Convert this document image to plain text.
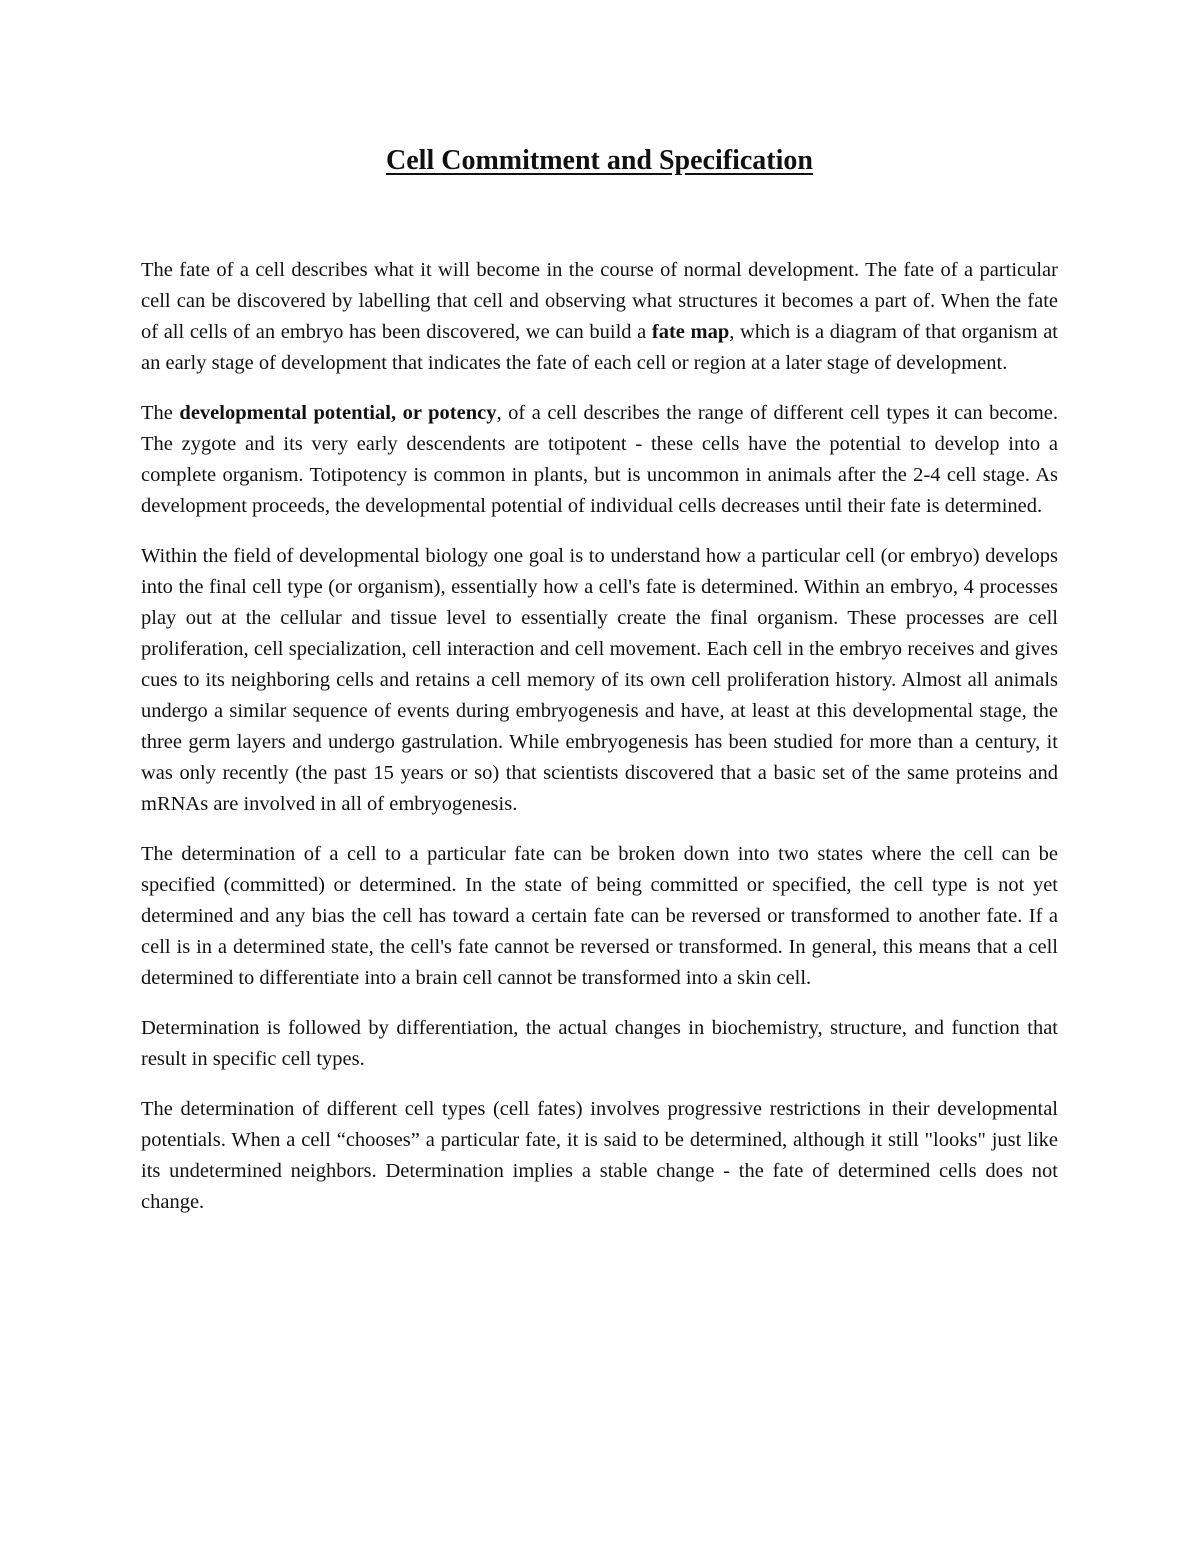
Cell Commitment and Specification

The fate of a cell describes what it will become in the course of normal development. The fate of a particular cell can be discovered by labelling that cell and observing what structures it becomes a part of. When the fate of all cells of an embryo has been discovered, we can build a fate map, which is a diagram of that organism at an early stage of development that indicates the fate of each cell or region at a later stage of development.

The developmental potential, or potency, of a cell describes the range of different cell types it can become. The zygote and its very early descendents are totipotent - these cells have the potential to develop into a complete organism. Totipotency is common in plants, but is uncommon in animals after the 2-4 cell stage. As development proceeds, the developmental potential of individual cells decreases until their fate is determined.

Within the field of developmental biology one goal is to understand how a particular cell (or embryo) develops into the final cell type (or organism), essentially how a cell's fate is determined. Within an embryo, 4 processes play out at the cellular and tissue level to essentially create the final organism. These processes are cell proliferation, cell specialization, cell interaction and cell movement. Each cell in the embryo receives and gives cues to its neighboring cells and retains a cell memory of its own cell proliferation history. Almost all animals undergo a similar sequence of events during embryogenesis and have, at least at this developmental stage, the three germ layers and undergo gastrulation. While embryogenesis has been studied for more than a century, it was only recently (the past 15 years or so) that scientists discovered that a basic set of the same proteins and mRNAs are involved in all of embryogenesis.

The determination of a cell to a particular fate can be broken down into two states where the cell can be specified (committed) or determined. In the state of being committed or specified, the cell type is not yet determined and any bias the cell has toward a certain fate can be reversed or transformed to another fate. If a cell is in a determined state, the cell's fate cannot be reversed or transformed. In general, this means that a cell determined to differentiate into a brain cell cannot be transformed into a skin cell.

Determination is followed by differentiation, the actual changes in biochemistry, structure, and function that result in specific cell types.

The determination of different cell types (cell fates) involves progressive restrictions in their developmental potentials. When a cell “chooses” a particular fate, it is said to be determined, although it still "looks" just like its undetermined neighbors. Determination implies a stable change - the fate of determined cells does not change.
